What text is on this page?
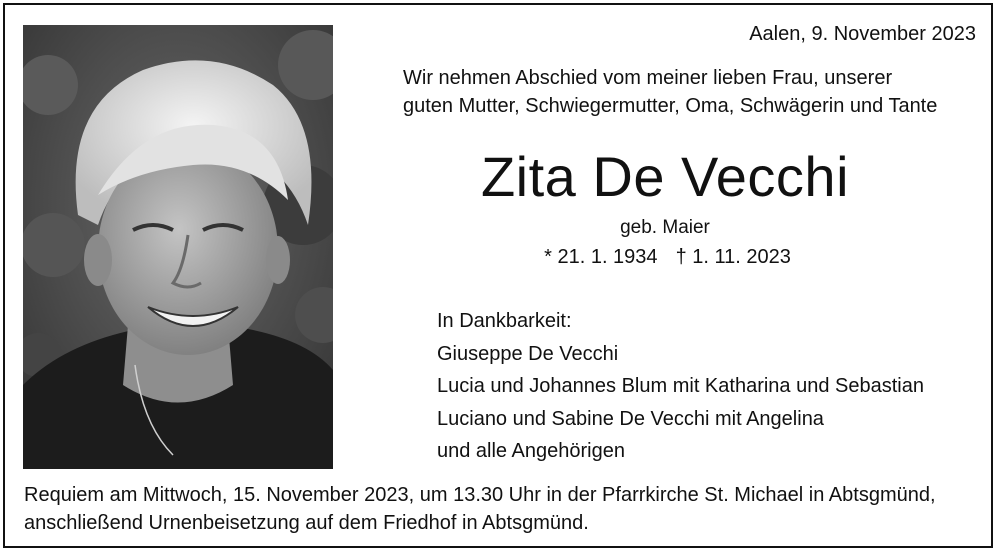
Aalen, 9. November 2023
Wir nehmen Abschied vom meiner lieben Frau, unserer
guten Mutter, Schwiegermutter, Oma, Schwägerin und Tante
Zita De Vecchi
geb. Maier
* 21. 1. 1934 † 1. 11. 2023
In Dankbarkeit:
Giuseppe De Vecchi
Lucia und Johannes Blum mit Katharina und Sebastian
Luciano und Sabine De Vecchi mit Angelina
und alle Angehörigen
Requiem am Mittwoch, 15. November 2023, um 13.30 Uhr in der Pfarrkirche St. Michael in Abtsgmünd,
anschließend Urnenbeisetzung auf dem Friedhof in Abtsgmünd.
